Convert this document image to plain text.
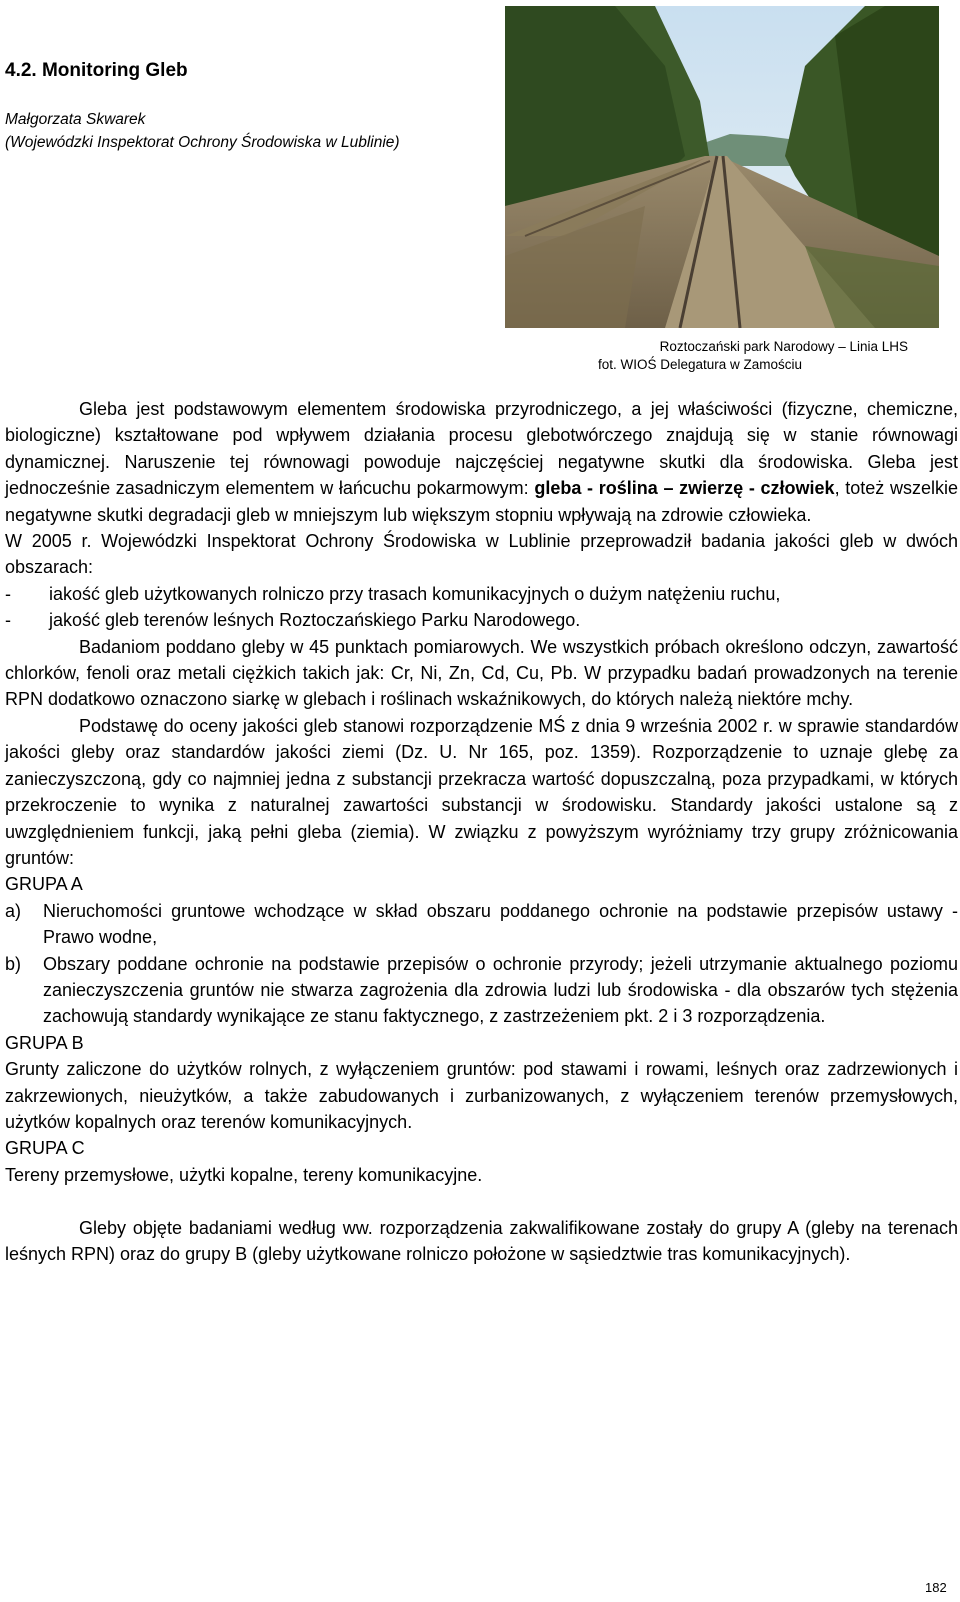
4.2. Monitoring Gleb
Małgorzata Skwarek
(Wojewódzki Inspektorat Ochrony Środowiska w Lublinie)
Roztoczański park Narodowy – Linia LHS
fot. WIOŚ Delegatura w Zamościu

Gleba jest podstawowym elementem środowiska przyrodniczego, a jej właściwości (fizyczne, chemiczne, biologiczne) kształtowane pod wpływem działania procesu glebotwórczego znajdują się w stanie równowagi dynamicznej. Naruszenie tej równowagi powoduje najczęściej negatywne skutki dla środowiska. Gleba jest jednocześnie zasadniczym elementem w łańcuchu pokarmowym: gleba - roślina – zwierzę - człowiek, toteż wszelkie negatywne skutki degradacji gleb w mniejszym lub większym stopniu wpływają na zdrowie człowieka.

W 2005 r. Wojewódzki Inspektorat Ochrony Środowiska w Lublinie przeprowadził badania jakości gleb w dwóch obszarach:

-	iakość gleb użytkowanych rolniczo przy trasach komunikacyjnych o dużym natężeniu ruchu,
-	jakość gleb terenów leśnych Roztoczańskiego Parku Narodowego.

Badaniom poddano gleby w 45 punktach pomiarowych. We wszystkich próbach określono odczyn, zawartość chlorków, fenoli oraz metali ciężkich takich jak: Cr, Ni, Zn, Cd, Cu, Pb. W przypadku badań prowadzonych na terenie RPN dodatkowo oznaczono siarkę w glebach i roślinach wskaźnikowych, do których należą niektóre mchy.

Podstawę do oceny jakości gleb stanowi rozporządzenie MŚ z dnia 9 września 2002 r. w sprawie standardów jakości gleby oraz standardów jakości ziemi (Dz. U. Nr 165, poz. 1359). Rozporządzenie to uznaje glebę za zanieczyszczoną, gdy co najmniej jedna z substancji przekracza wartość dopuszczalną, poza przypadkami, w których przekroczenie to wynika z naturalnej zawartości substancji w środowisku. Standardy jakości ustalone są z uwzględnieniem funkcji, jaką pełni gleba (ziemia). W związku z powyższym wyróżniamy trzy grupy zróżnicowania gruntów:

GRUPA A

a)	Nieruchomości gruntowe wchodzące w skład obszaru poddanego ochronie na podstawie przepisów ustawy - Prawo wodne,
b)	Obszary poddane ochronie na podstawie przepisów o ochronie przyrody; jeżeli utrzymanie aktualnego poziomu zanieczyszczenia gruntów nie stwarza zagrożenia dla zdrowia ludzi lub środowiska - dla obszarów tych stężenia zachowują standardy wynikające ze stanu faktycznego, z zastrzeżeniem pkt. 2 i 3 rozporządzenia.

GRUPA B

Grunty zaliczone do użytków rolnych, z wyłączeniem gruntów: pod stawami i rowami, leśnych oraz zadrzewionych i zakrzewionych, nieużytków, a także zabudowanych i zurbanizowanych, z wyłączeniem terenów przemysłowych, użytków kopalnych oraz terenów komunikacyjnych.

GRUPA C

Tereny przemysłowe, użytki kopalne, tereny komunikacyjne.

Gleby objęte badaniami według ww. rozporządzenia zakwalifikowane zostały do grupy A (gleby na terenach leśnych RPN) oraz do grupy B (gleby użytkowane rolniczo położone w sąsiedztwie tras komunikacyjnych).

182
